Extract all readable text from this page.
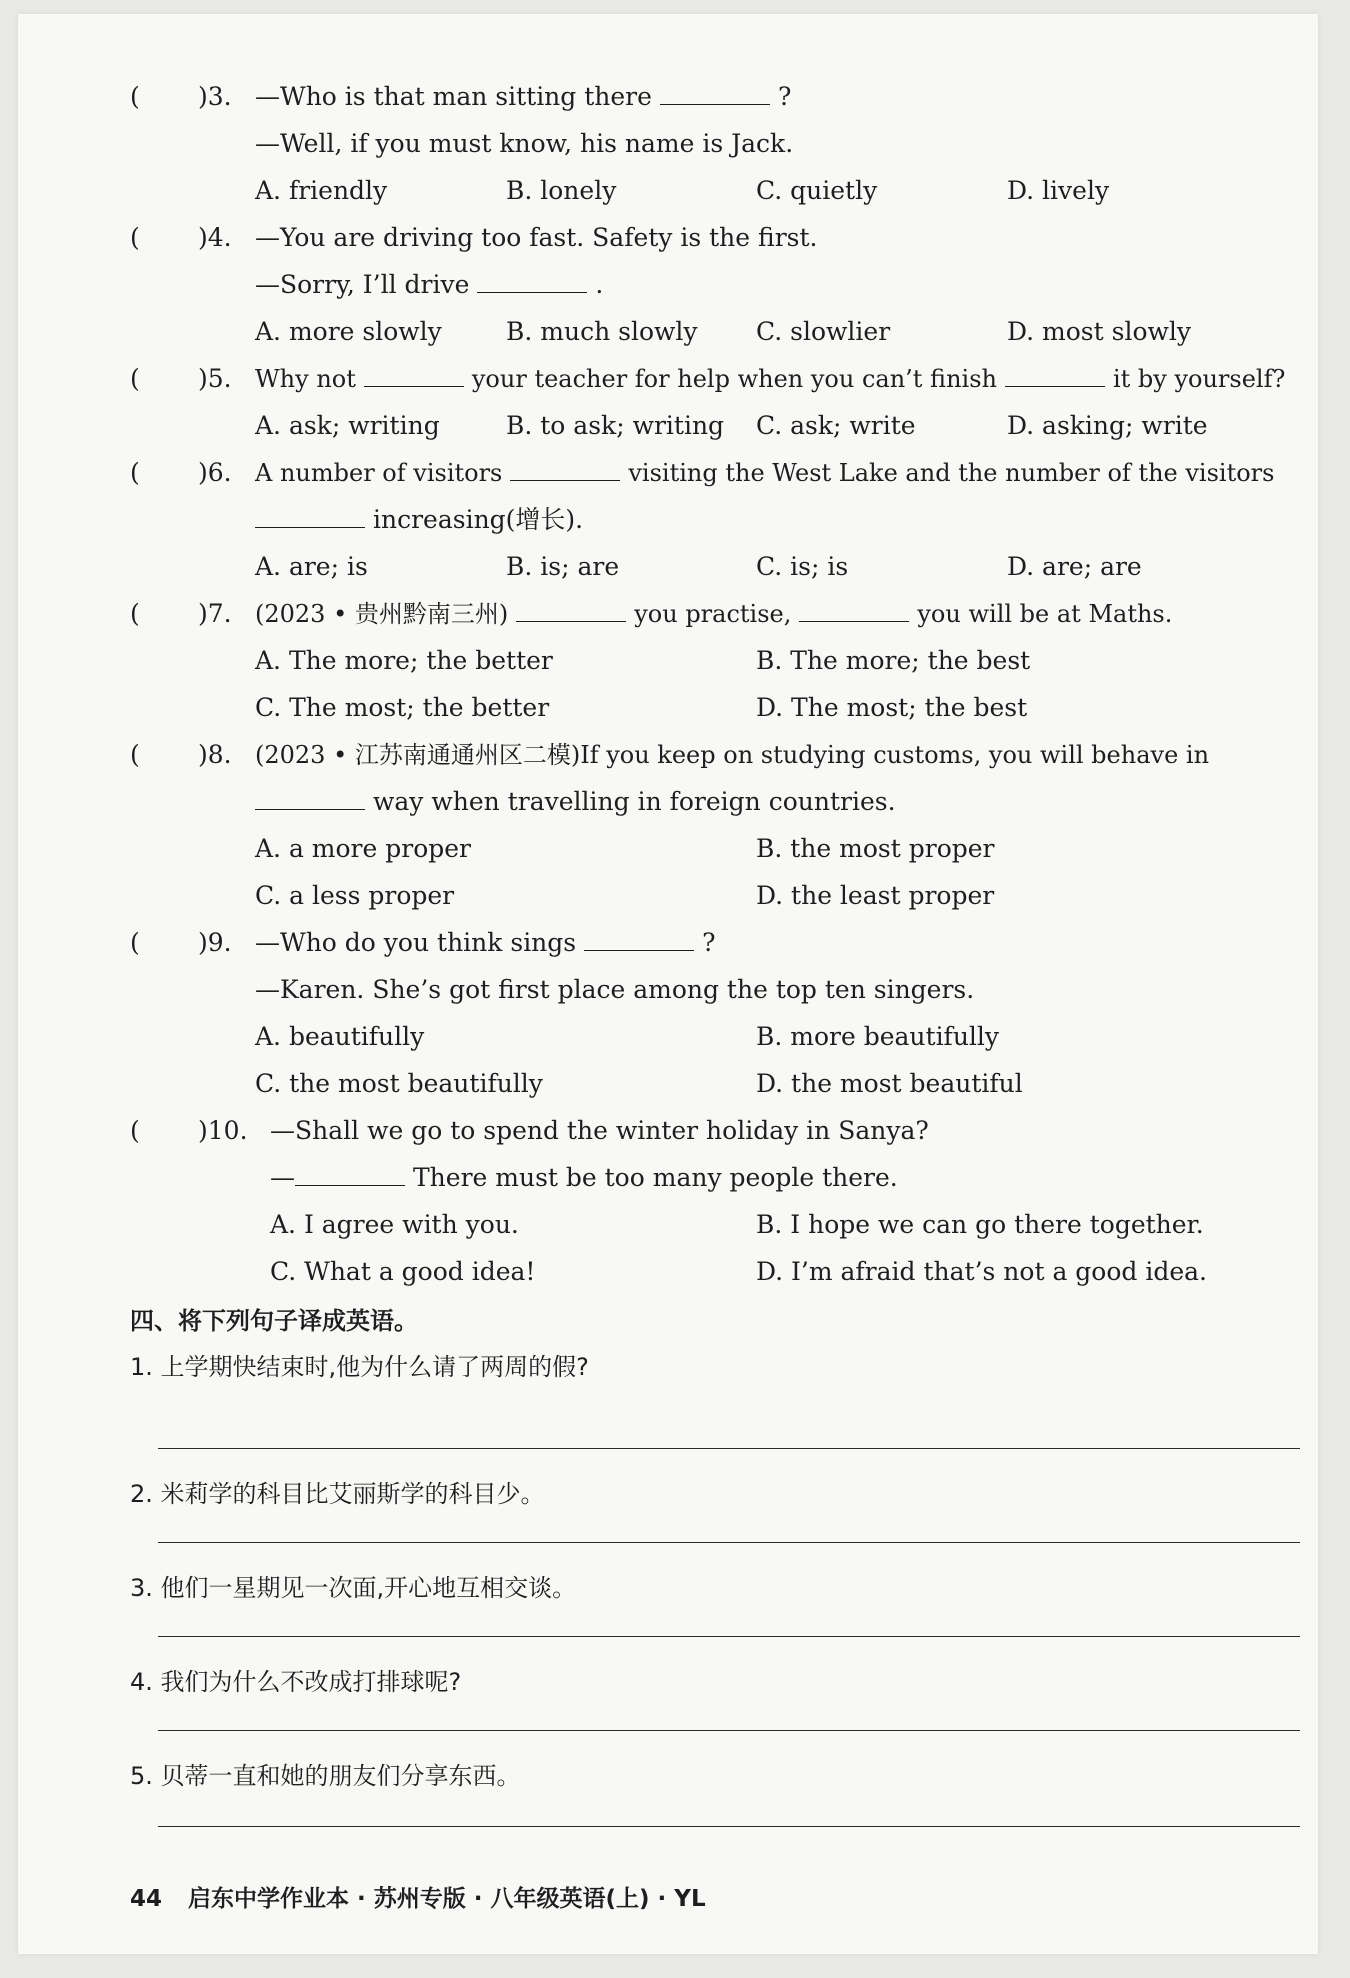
( )3. —Who is that man sitting there	?
—Well, if you must know, his name is Jack.
A. friendly	B. lonely	C. quietly	D. lively
( )4. —You are driving too fast. Safety is the first.
—Sorry, I’ll drive	.
A. more slowly	B. much slowly C. slowlier	D. most slowly
( )5. Why not	your teacher for help when you can’t finish	it by yourself?
A. ask; writing	B. to ask; writing C. ask; write	D. asking; write
( )6. A number of visitors	visiting the West Lake and the number of the visitors
increasing(增长).
A. are; is	B. is; are	C. is; is	D. are; are
( )7. (2023 • 贵州黔南三州)	you practise,	you will be at Maths.
A. The more; the better	B. The more; the best
C. The most; the better	D. The most; the best
( )8. (2023 • 江苏南通通州区二模)If you keep on studying customs, you will behave in
way when travelling in foreign countries.
A. a more proper	B. the most proper
C. a less proper	D. the least proper
( )9. —Who do you think sings	?
—Karen. She’s got first place among the top ten singers.
A. beautifully	B. more beautifully
C. the most beautifully	D. the most beautiful
( )10. —Shall we go to spend the winter holiday in Sanya?
—	There must be too many people there.
A. I agree with you.	B. I hope we can go there together.
C. What a good idea!	D. I’m afraid that’s not a good idea.
四、将下列句子译成英语。
1. 上学期快结束时,他为什么请了两周的假?
2. 米莉学的科目比艾丽斯学的科目少。
3. 他们一星期见一次面,开心地互相交谈。
4. 我们为什么不改成打排球呢?
5. 贝蒂一直和她的朋友们分享东西。
44 启东中学作业本 · 苏州专版 · 八年级英语(上) · YL
